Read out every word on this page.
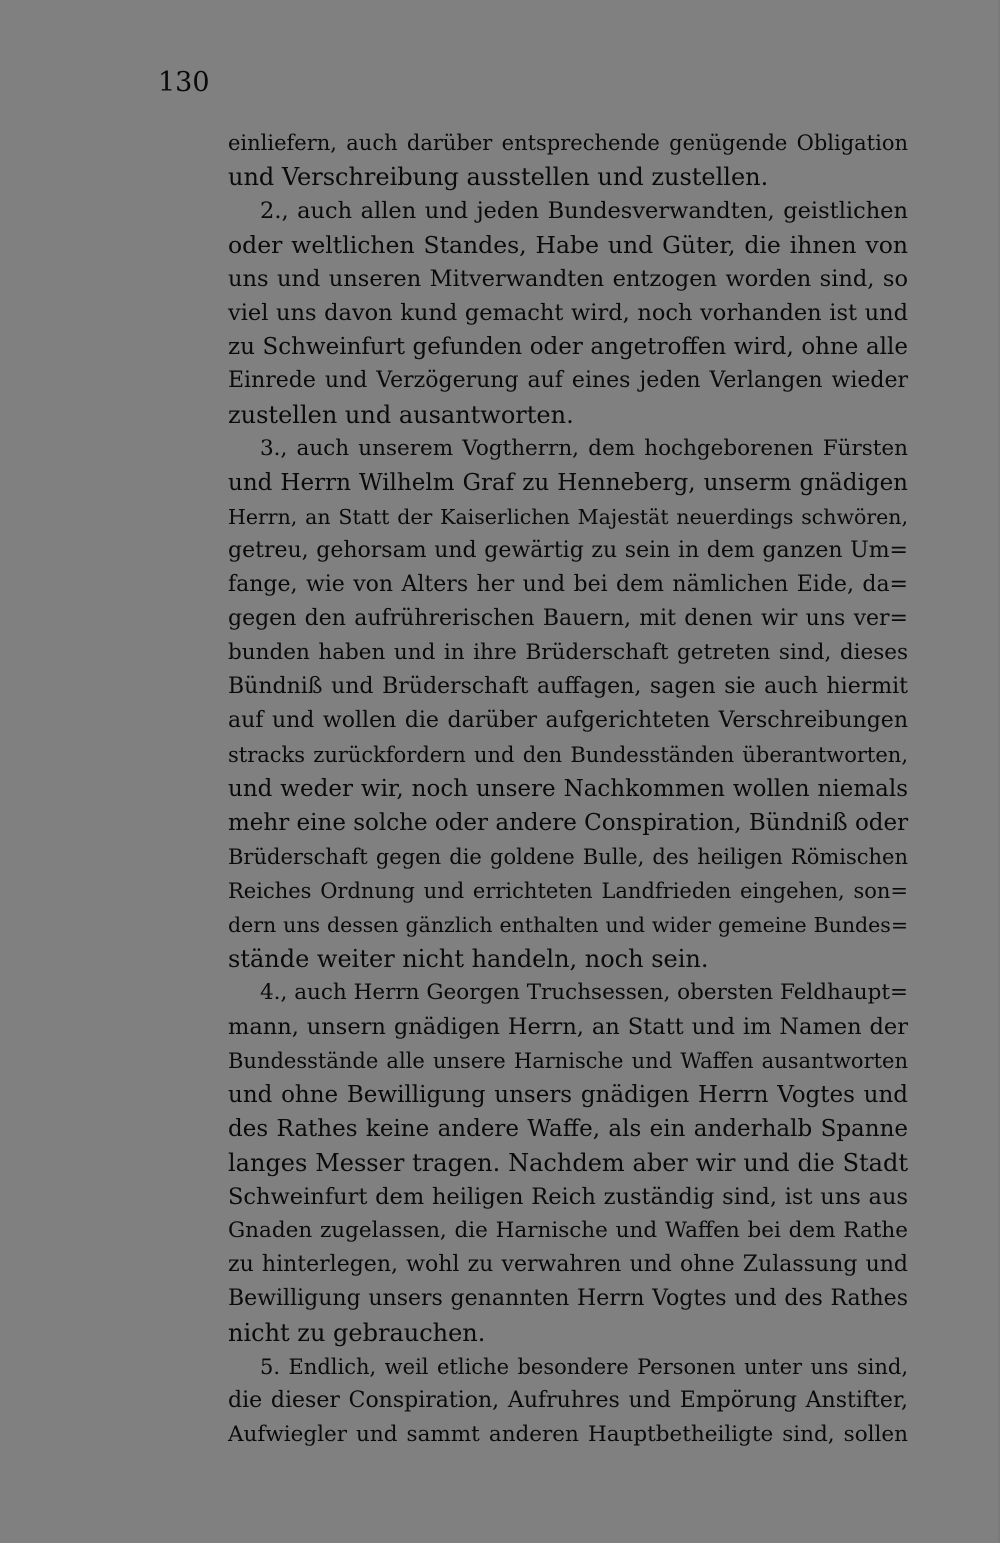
130
einliefern, auch darüber entsprechende genügende Obligation
und Verschreibung ausstellen und zustellen.
2., auch allen und jeden Bundesverwandten, geistlichen
oder weltlichen Standes, Habe und Güter, die ihnen von
uns und unseren Mitverwandten entzogen worden sind, so
viel uns davon kund gemacht wird, noch vorhanden ist und
zu Schweinfurt gefunden oder angetroffen wird, ohne alle
Einrede und Verzögerung auf eines jeden Verlangen wieder
zustellen und ausantworten.
3., auch unserem Vogtherrn, dem hochgeborenen Fürsten
und Herrn Wilhelm Graf zu Henneberg, unserm gnädigen
Herrn, an Statt der Kaiserlichen Majestät neuerdings schwören,
getreu, gehorsam und gewärtig zu sein in dem ganzen Um=
fange, wie von Alters her und bei dem nämlichen Eide, da=
gegen den aufrührerischen Bauern, mit denen wir uns ver=
bunden haben und in ihre Brüderschaft getreten sind, dieses
Bündniß und Brüderschaft auffagen, sagen sie auch hiermit
auf und wollen die darüber aufgerichteten Verschreibungen
stracks zurückfordern und den Bundesständen überantworten,
und weder wir, noch unsere Nachkommen wollen niemals
mehr eine solche oder andere Conspiration, Bündniß oder
Brüderschaft gegen die goldene Bulle, des heiligen Römischen
Reiches Ordnung und errichteten Landfrieden eingehen, son=
dern uns dessen gänzlich enthalten und wider gemeine Bundes=
stände weiter nicht handeln, noch sein.
4., auch Herrn Georgen Truchsessen, obersten Feldhaupt=
mann, unsern gnädigen Herrn, an Statt und im Namen der
Bundesstände alle unsere Harnische und Waffen ausantworten
und ohne Bewilligung unsers gnädigen Herrn Vogtes und
des Rathes keine andere Waffe, als ein anderhalb Spanne
langes Messer tragen. Nachdem aber wir und die Stadt
Schweinfurt dem heiligen Reich zuständig sind, ist uns aus
Gnaden zugelassen, die Harnische und Waffen bei dem Rathe
zu hinterlegen, wohl zu verwahren und ohne Zulassung und
Bewilligung unsers genannten Herrn Vogtes und des Rathes
nicht zu gebrauchen.
5. Endlich, weil etliche besondere Personen unter uns sind,
die dieser Conspiration, Aufruhres und Empörung Anstifter,
Aufwiegler und sammt anderen Hauptbetheiligte sind, sollen
